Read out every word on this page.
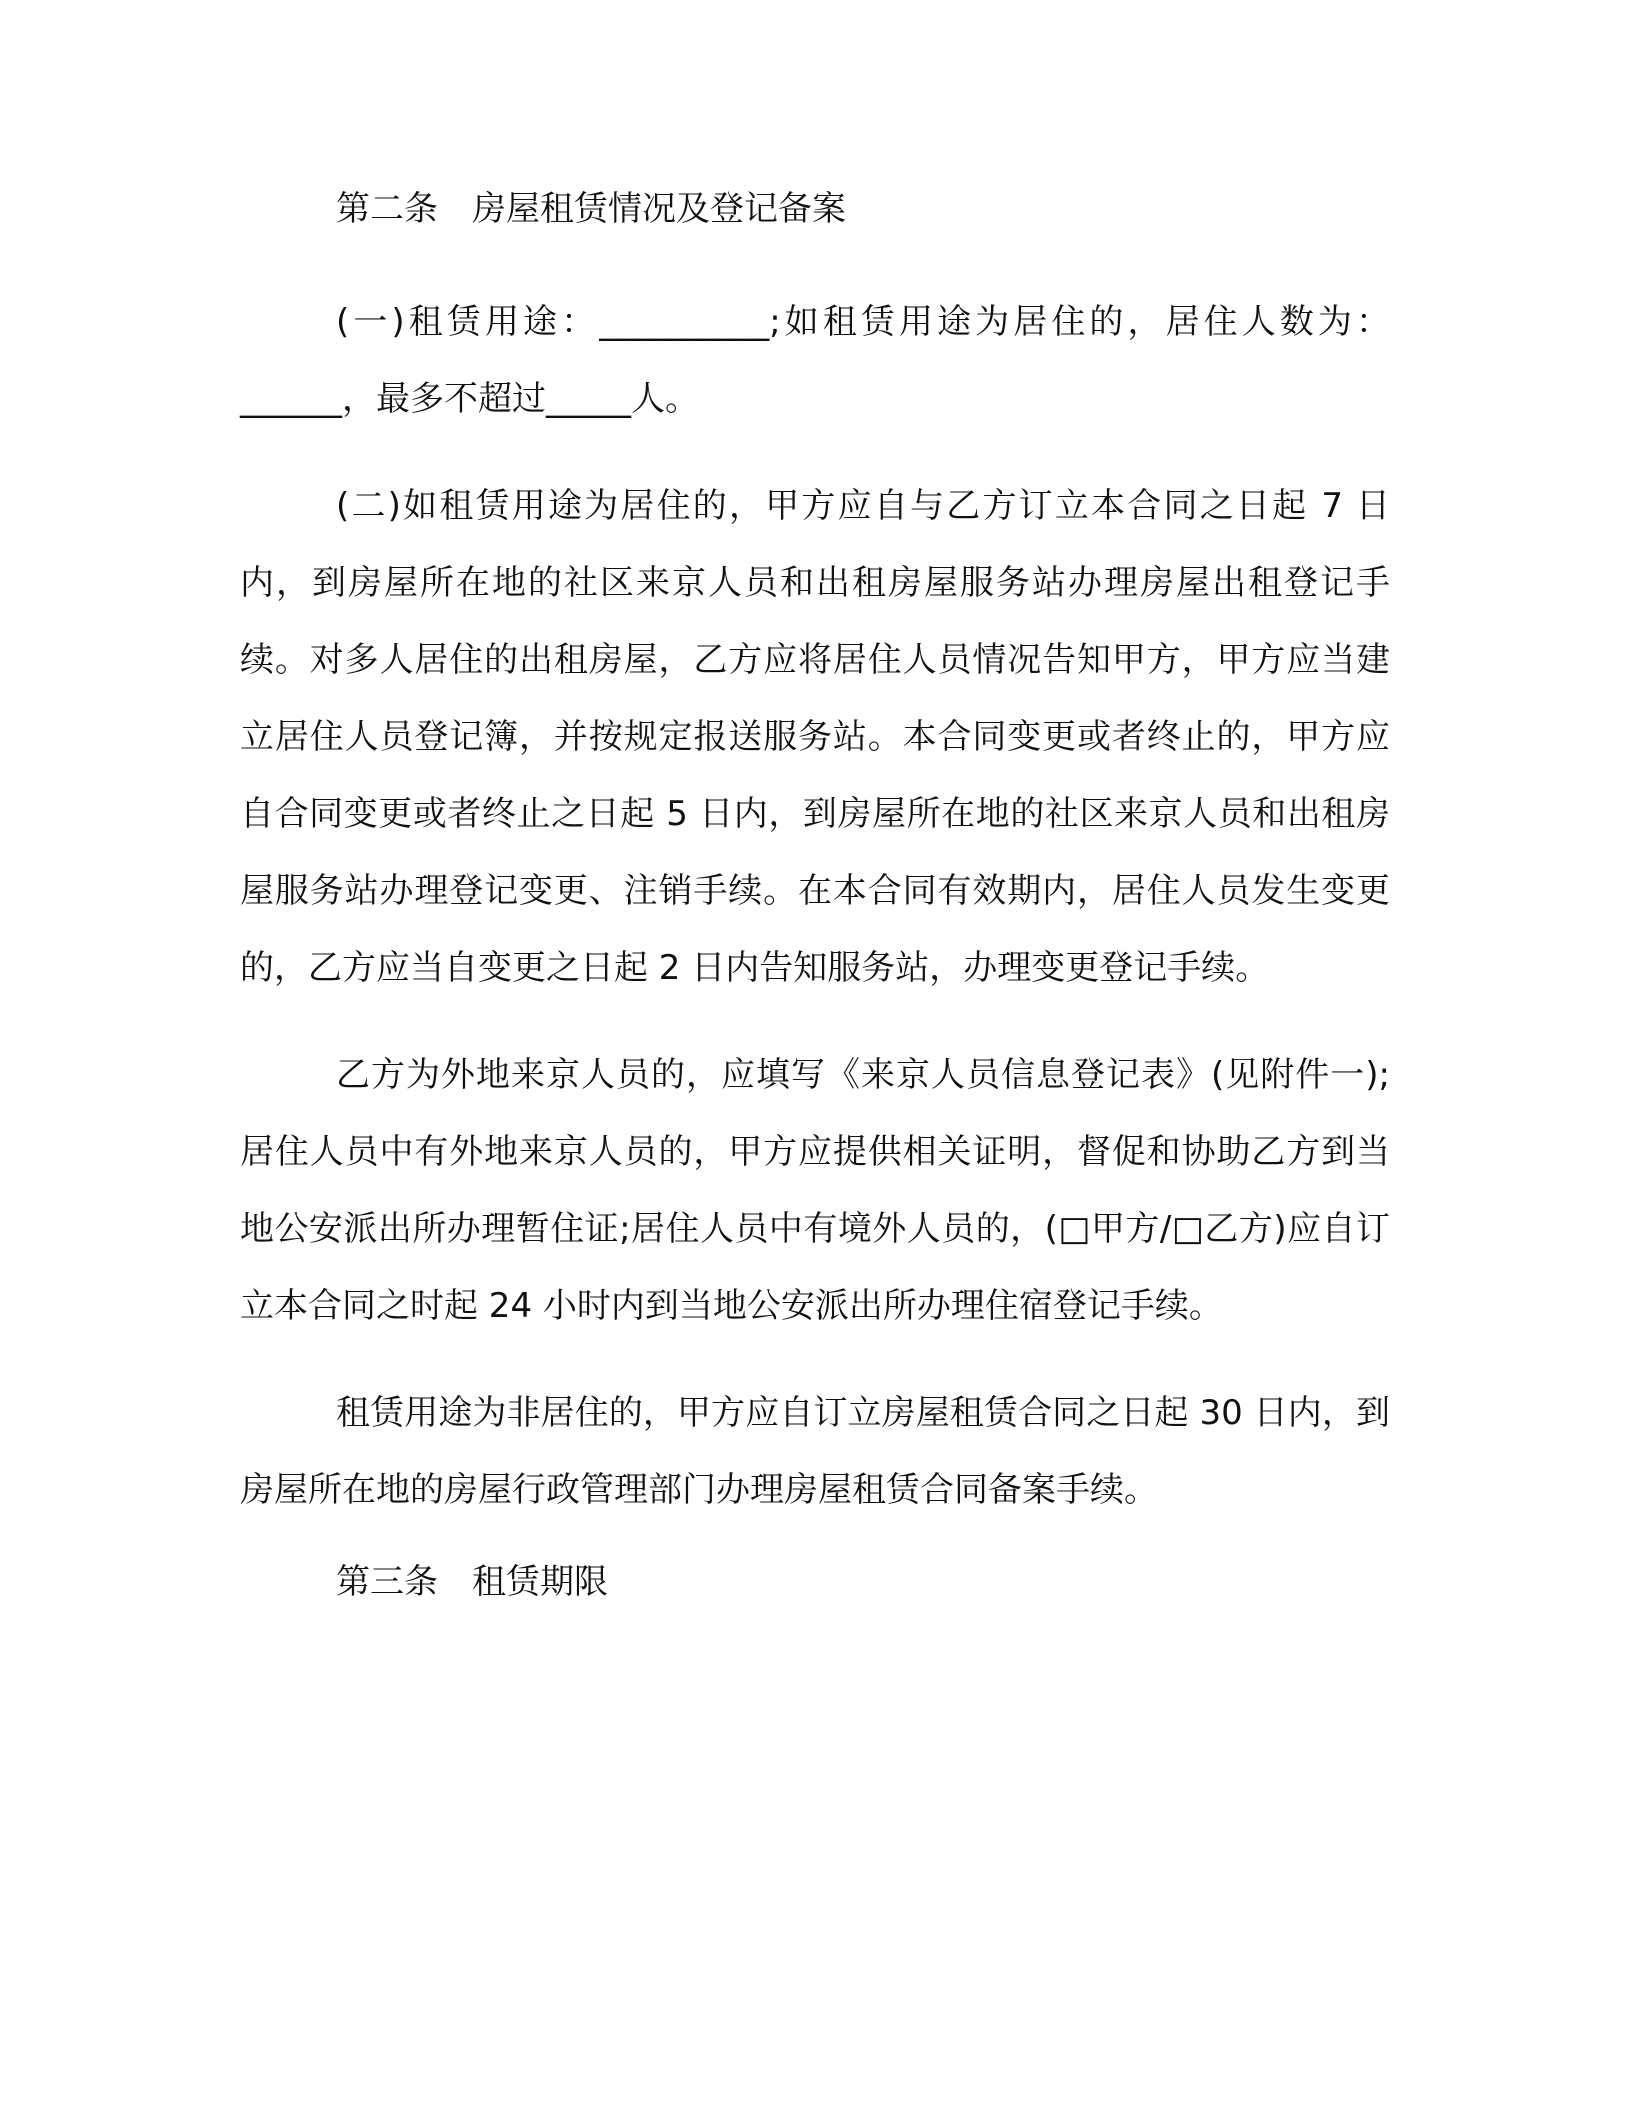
第二条　房屋租赁情况及登记备案

(一)租赁用途：__________;如租赁用途为居住的，居住人数为：______，最多不超过_____人。

(二)如租赁用途为居住的，甲方应自与乙方订立本合同之日起 7 日内，到房屋所在地的社区来京人员和出租房屋服务站办理房屋出租登记手续。对多人居住的出租房屋，乙方应将居住人员情况告知甲方，甲方应当建立居住人员登记簿，并按规定报送服务站。本合同变更或者终止的，甲方应自合同变更或者终止之日起 5 日内，到房屋所在地的社区来京人员和出租房屋服务站办理登记变更、注销手续。在本合同有效期内，居住人员发生变更的，乙方应当自变更之日起 2 日内告知服务站，办理变更登记手续。

乙方为外地来京人员的，应填写《来京人员信息登记表》(见附件一);居住人员中有外地来京人员的，甲方应提供相关证明，督促和协助乙方到当地公安派出所办理暂住证;居住人员中有境外人员的，(□甲方/□乙方)应自订立本合同之时起 24 小时内到当地公安派出所办理住宿登记手续。

租赁用途为非居住的，甲方应自订立房屋租赁合同之日起 30 日内，到房屋所在地的房屋行政管理部门办理房屋租赁合同备案手续。

第三条　租赁期限
